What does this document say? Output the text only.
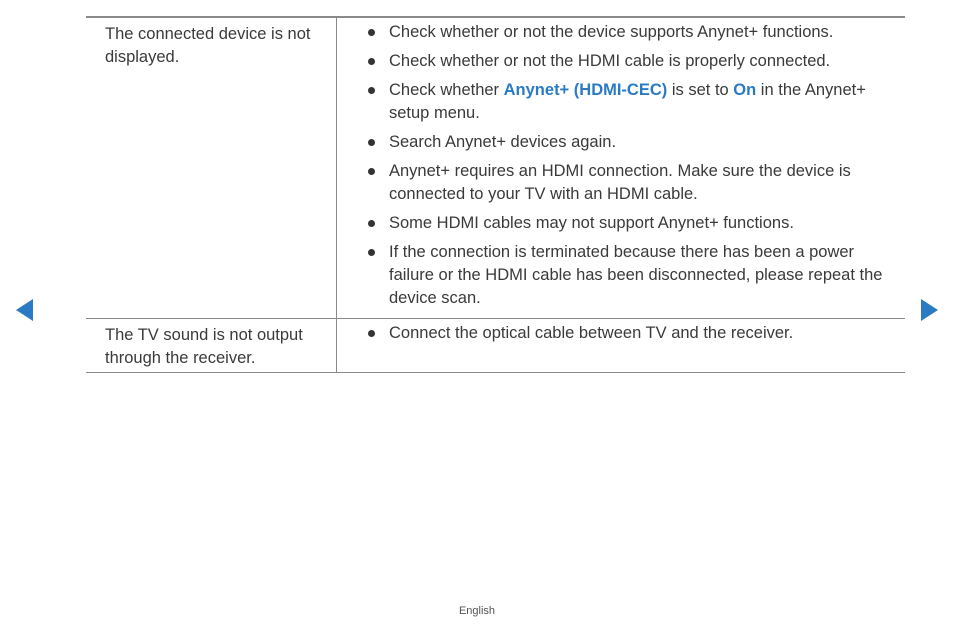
The connected device is not displayed.
Check whether or not the device supports Anynet+ functions.
Check whether or not the HDMI cable is properly connected.
Check whether Anynet+ (HDMI-CEC) is set to On in the Anynet+ setup menu.
Search Anynet+ devices again.
Anynet+ requires an HDMI connection. Make sure the device is connected to your TV with an HDMI cable.
Some HDMI cables may not support Anynet+ functions.
If the connection is terminated because there has been a power failure or the HDMI cable has been disconnected, please repeat the device scan.
The TV sound is not output through the receiver.
Connect the optical cable between TV and the receiver.
English
